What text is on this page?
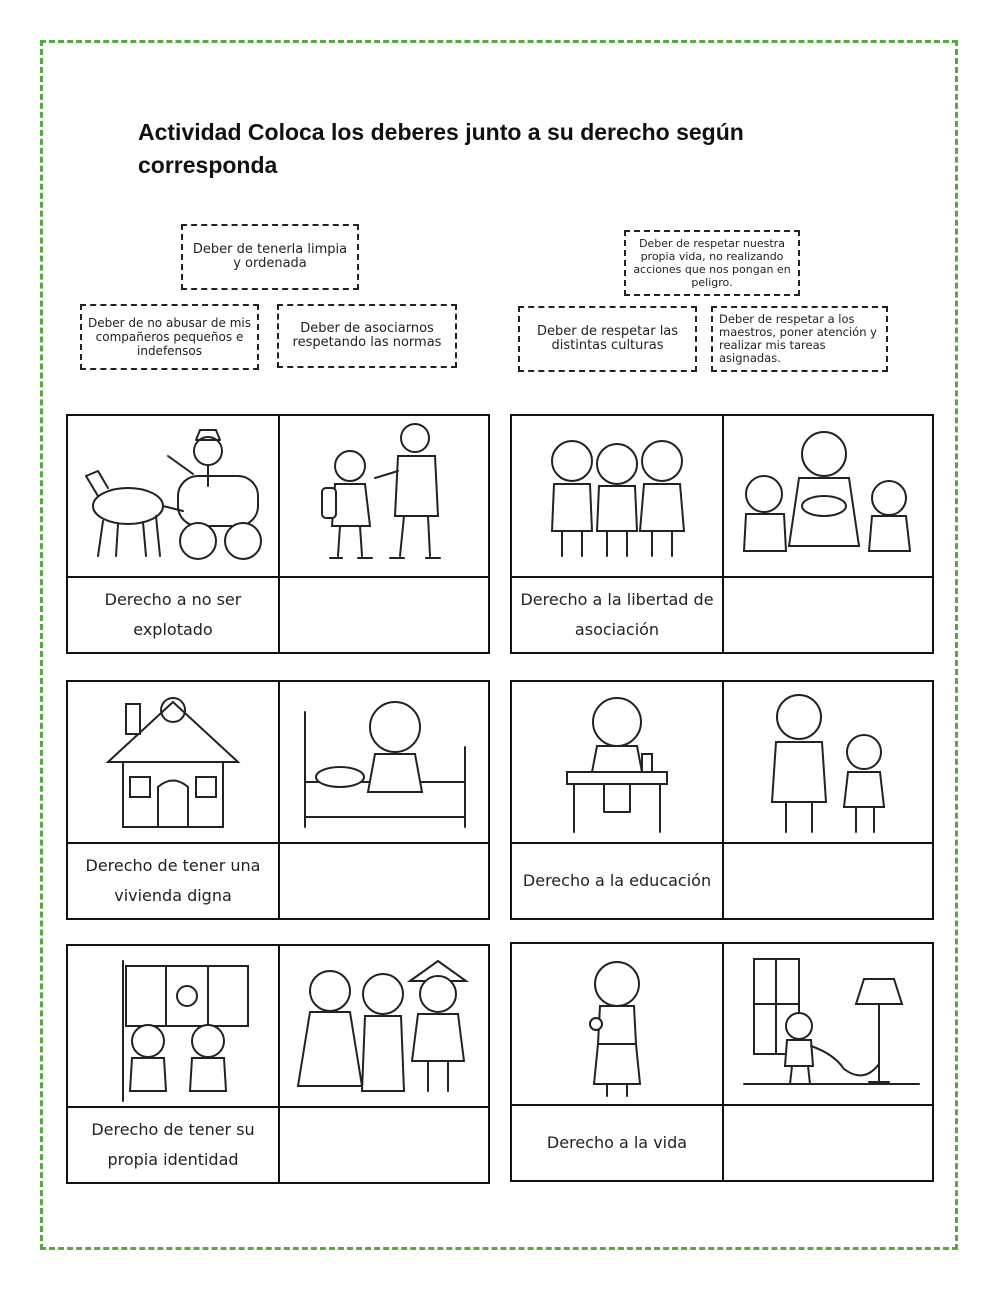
Actividad Coloca los deberes junto a su derecho según corresponda
Deber de tenerla limpia y ordenada
Deber de no abusar de mis compañeros pequeños e indefensos
Deber de asociarnos respetando las normas
Deber de respetar nuestra propia vida, no realizando acciones que nos pongan en peligro.
Deber de respetar las distintas culturas
Deber de respetar a los maestros, poner atención y realizar mis tareas asignadas.
Derecho a no ser explotado
Derecho a la libertad de asociación
Derecho de tener una vivienda digna
Derecho a la educación
Derecho de tener su propia identidad
Derecho a la vida
